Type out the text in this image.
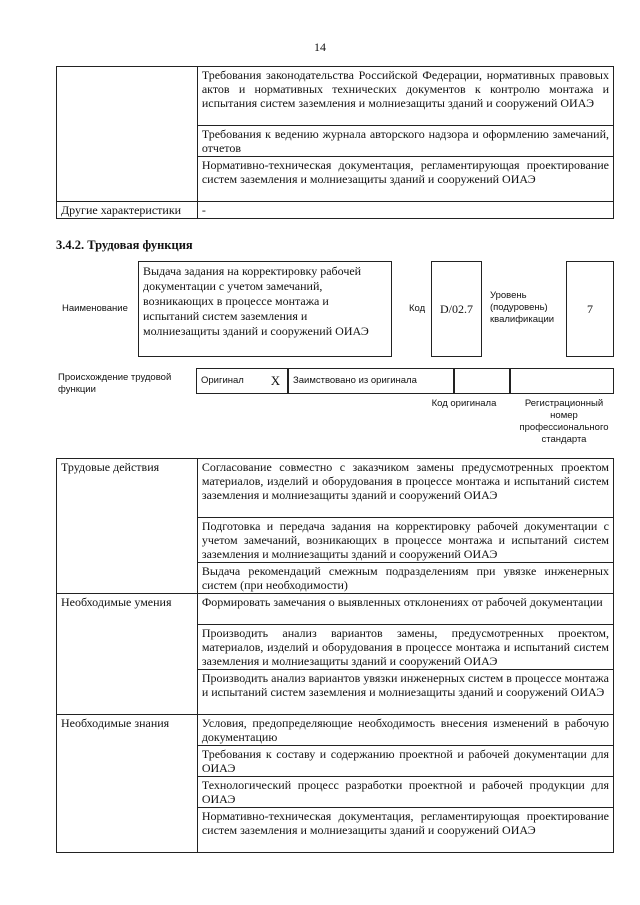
14
	Требования законодательства Российской Федерации, нормативных правовых актов и нормативных технических документов к контролю монтажа и испытания систем заземления и молниезащиты зданий и сооружений ОИАЭ
	Требования к ведению журнала авторского надзора и оформлению замечаний, отчетов
	Нормативно-техническая документация, регламентирующая проектирование систем заземления и молниезащиты зданий и сооружений ОИАЭ
Другие характеристики	-
3.4.2. Трудовая функция
Наименование
Выдача задания на корректировку рабочей документации с учетом замечаний, возникающих в процессе монтажа и испытаний систем заземления и молниезащиты зданий и сооружений ОИАЭ
Код	D/02.7
Уровень (подуровень) квалификации
7
Происхождение трудовой функции
Оригинал	X	Заимствовано из оригинала
Код оригинала	Регистрационный номер профессионального стандарта
Трудовые действия	Согласование совместно с заказчиком замены предусмотренных проектом материалов, изделий и оборудования в процессе монтажа и испытаний систем заземления и молниезащиты зданий и сооружений ОИАЭ
	Подготовка и передача задания на корректировку рабочей документации с учетом замечаний, возникающих в процессе монтажа и испытаний систем заземления и молниезащиты зданий и сооружений ОИАЭ
	Выдача рекомендаций смежным подразделениям при увязке инженерных систем (при необходимости)
Необходимые умения	Формировать замечания о выявленных отклонениях от рабочей документации
	Производить анализ вариантов замены, предусмотренных проектом, материалов, изделий и оборудования в процессе монтажа и испытаний систем заземления и молниезащиты зданий и сооружений ОИАЭ
	Производить анализ вариантов увязки инженерных систем в процессе монтажа и испытаний систем заземления и молниезащиты зданий и сооружений ОИАЭ
Необходимые знания	Условия, предопределяющие необходимость внесения изменений в рабочую документацию
	Требования к составу и содержанию проектной и рабочей документации для ОИАЭ
	Технологический процесс разработки проектной и рабочей продукции для ОИАЭ
	Нормативно-техническая документация, регламентирующая проектирование систем заземления и молниезащиты зданий и сооружений ОИАЭ
